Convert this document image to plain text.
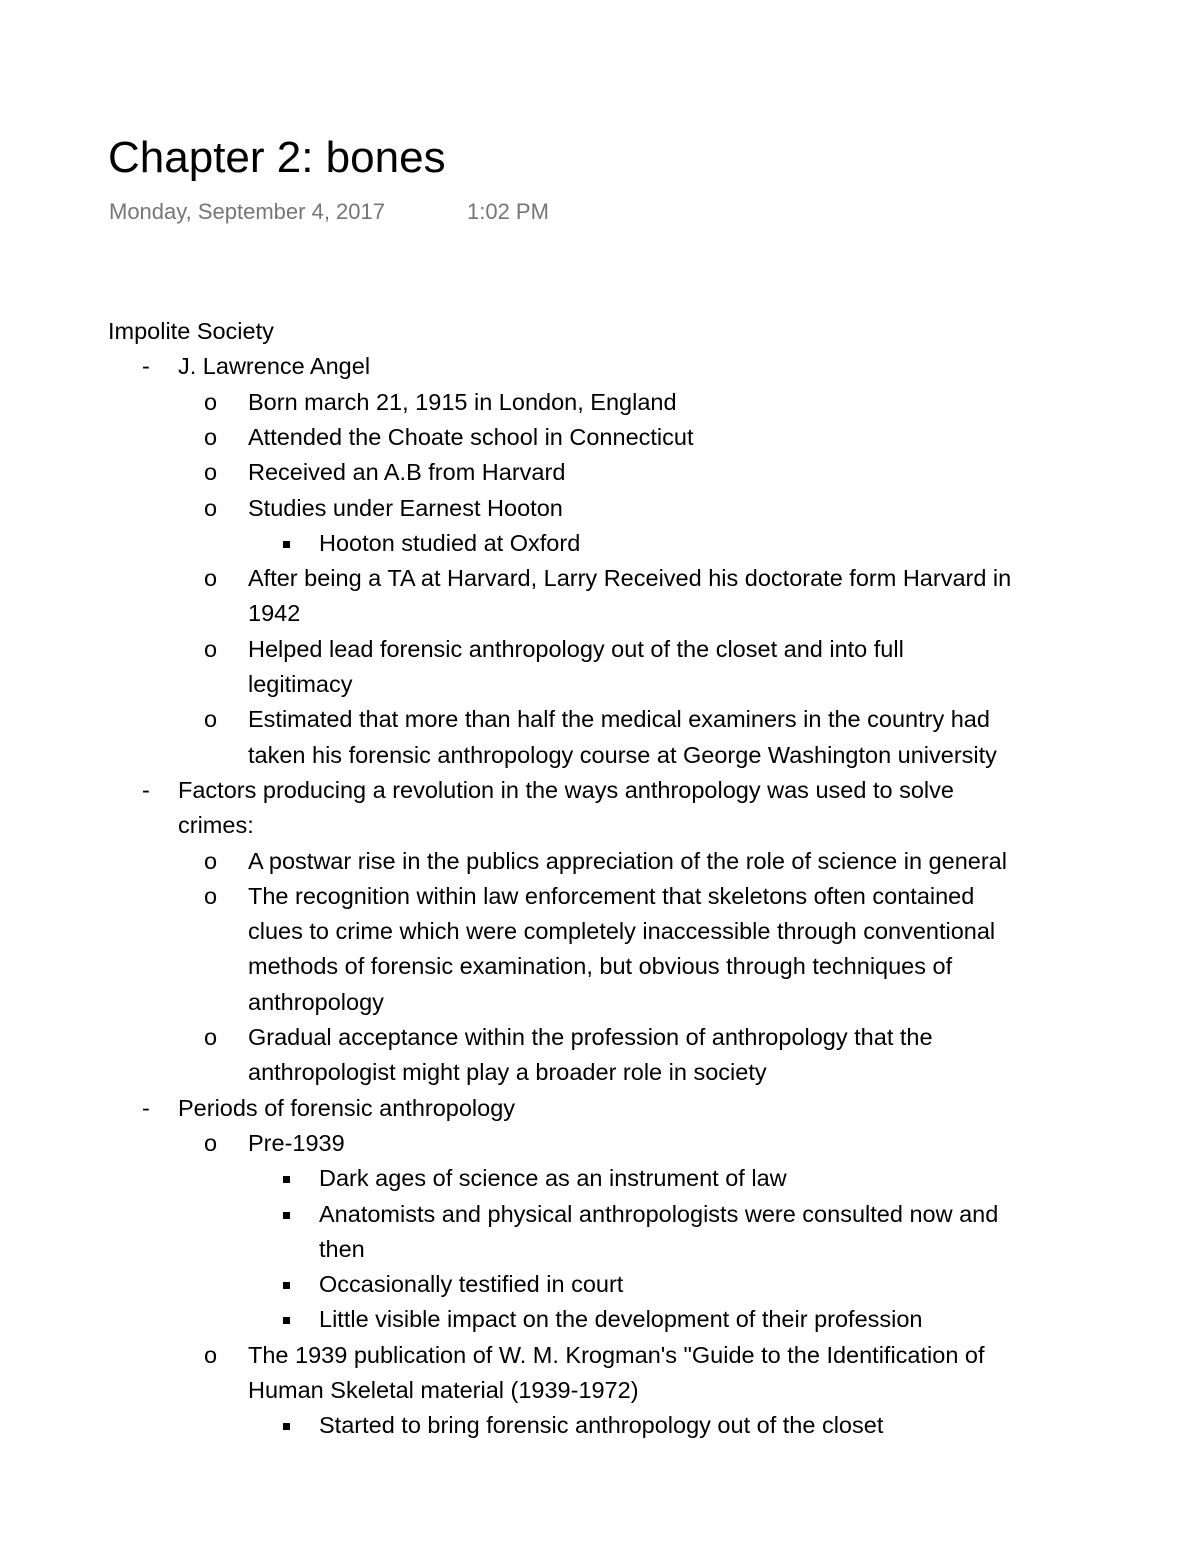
Chapter 2: bones
Monday, September 4, 2017	1:02 PM
Impolite Society
J. Lawrence Angel
-
Born march 21, 1915 in London, England
o
Attended the Choate school in Connecticut
o
Received an A.B from Harvard
o
Studies under Earnest Hooton
o
Hooton studied at Oxford
After being a TA at Harvard, Larry Received his doctorate form Harvard in
o
1942
Helped lead forensic anthropology out of the closet and into full
o
legitimacy
Estimated that more than half the medical examiners in the country had
o
taken his forensic anthropology course at George Washington university
Factors producing a revolution in the ways anthropology was used to solve
-
crimes:
A postwar rise in the publics appreciation of the role of science in general
o
The recognition within law enforcement that skeletons often contained
o
clues to crime which were completely inaccessible through conventional
methods of forensic examination, but obvious through techniques of
anthropology
Gradual acceptance within the profession of anthropology that the
o
anthropologist might play a broader role in society
Periods of forensic anthropology
-
Pre-1939
o
Dark ages of science as an instrument of law
Anatomists and physical anthropologists were consulted now and
then
Occasionally testified in court
Little visible impact on the development of their profession
The 1939 publication of W. M. Krogman's "Guide to the Identification of
o
Human Skeletal material (1939-1972)
Started to bring forensic anthropology out of the closet
